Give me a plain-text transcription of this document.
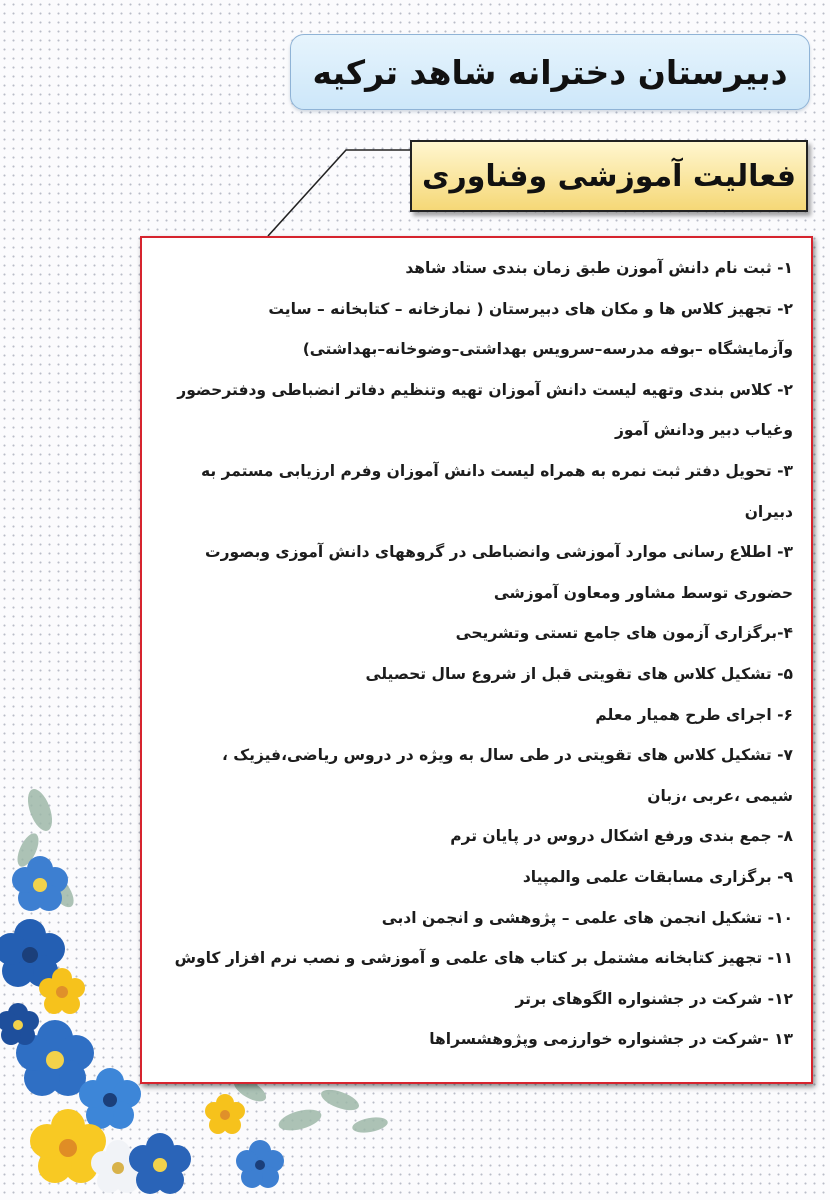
دبیرستان دخترانه شاهد ترکیه
فعالیت آموزشی وفناوری
۱- ثبت نام دانش آموزن طبق زمان بندی ستاد شاهد
۲- تجهیز کلاس ها و مکان های دبیرستان ( نمازخانه – کتابخانه – سایت
وآزمایشگاه –بوفه مدرسه–سرویس بهداشتی–وضوخانه–بهداشتی)
۲- کلاس بندی وتهیه لیست دانش آموزان تهیه وتنظیم دفاتر انضباطی ودفترحضور
وغیاب دبیر ودانش آموز
۳- تحویل دفتر ثبت نمره به همراه لیست دانش آموزان وفرم ارزیابی مستمر به
دبیران
۳- اطلاع رسانی موارد آموزشی وانضباطی در گروههای دانش آموزی وبصورت
حضوری توسط مشاور ومعاون آموزشی
۴-برگزاری آزمون های جامع تستی وتشریحی
۵- تشکیل کلاس های تقویتی قبل از شروع سال تحصیلی
۶- اجرای طرح همیار معلم
۷- تشکیل کلاس های تقویتی در طی سال به ویژه در دروس ریاضی،فیزیک ،
شیمی ،عربی ،زبان
۸- جمع بندی ورفع اشکال دروس در پایان ترم
۹- برگزاری مسابقات علمی والمپیاد
۱۰- تشکیل انجمن های علمی – پژوهشی و انجمن ادبی
۱۱- تجهیز کتابخانه مشتمل بر کتاب های علمی و آموزشی و نصب نرم افزار کاوش
۱۲- شرکت در جشنواره الگوهای برتر
۱۳ -شرکت در جشنواره خوارزمی وپژوهشسراها
